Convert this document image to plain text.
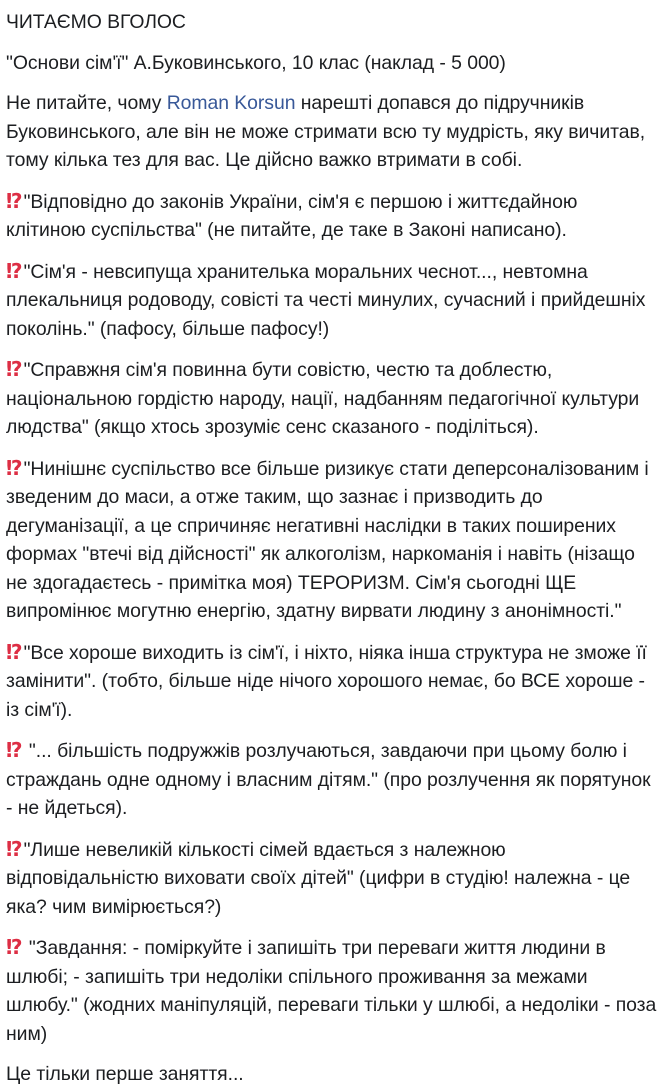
ЧИТАЄМО ВГОЛОС

"Основи сім'ї" А.Буковинського, 10 клас (наклад - 5 000)

Не питайте, чому Roman Korsun нарешті допався до підручників Буковинського, але він не може стримати всю ту мудрість, яку вичитав, тому кілька тез для вас. Це дійсно важко втримати в собі.

⁉ "Відповідно до законів України, сім'я є першою і життєдайною клітиною суспільства" (не питайте, де таке в Законі написано).

⁉ "Сім'я - невсипуща хранителька моральних чеснот..., невтомна плекальниця родоводу, совісті та честі минулих, сучасний і прийдешніх поколінь." (пафосу, більше пафосу!)

⁉ "Справжня сім'я повинна бути совістю, честю та доблестю, національною гордістю народу, нації, надбанням педагогічної культури людства" (якщо хтось зрозуміє сенс сказаного - поділіться).

⁉ "Нинішнє суспільство все більше ризикує стати деперсоналізованим і зведеним до маси, а отже таким, що зазнає і призводить до дегуманізації, а це спричиняє негативні наслідки в таких поширених формах "втечі від дійсності" як алкоголізм, наркоманія і навіть (нізащо не здогадаєтесь - примітка моя) ТЕРОРИЗМ. Сім'я сьогодні ЩЕ випромінює могутню енергію, здатну вирвати людину з анонімності."

⁉ "Все хороше виходить із сім'ї, і ніхто, ніяка інша структура не зможе її замінити". (тобто, більше ніде нічого хорошого немає, бо ВСЕ хороше - із сім'ї).

⁉ "... більшість подружжів розлучаються, завдаючи при цьому болю і страждань одне одному і власним дітям." (про розлучення як порятунок - не йдеться).

⁉ "Лише невеликій кількості сімей вдається з належною відповідальністю виховати своїх дітей" (цифри в студію! належна - це яка? чим вимірюється?)

⁉ "Завдання: - поміркуйте і запишіть три переваги життя людини в шлюбі; - запишіть три недоліки спільного проживання за межами шлюбу." (жодних маніпуляцій, переваги тільки у шлюбі, а недоліки - поза ним)

Це тільки перше заняття...
